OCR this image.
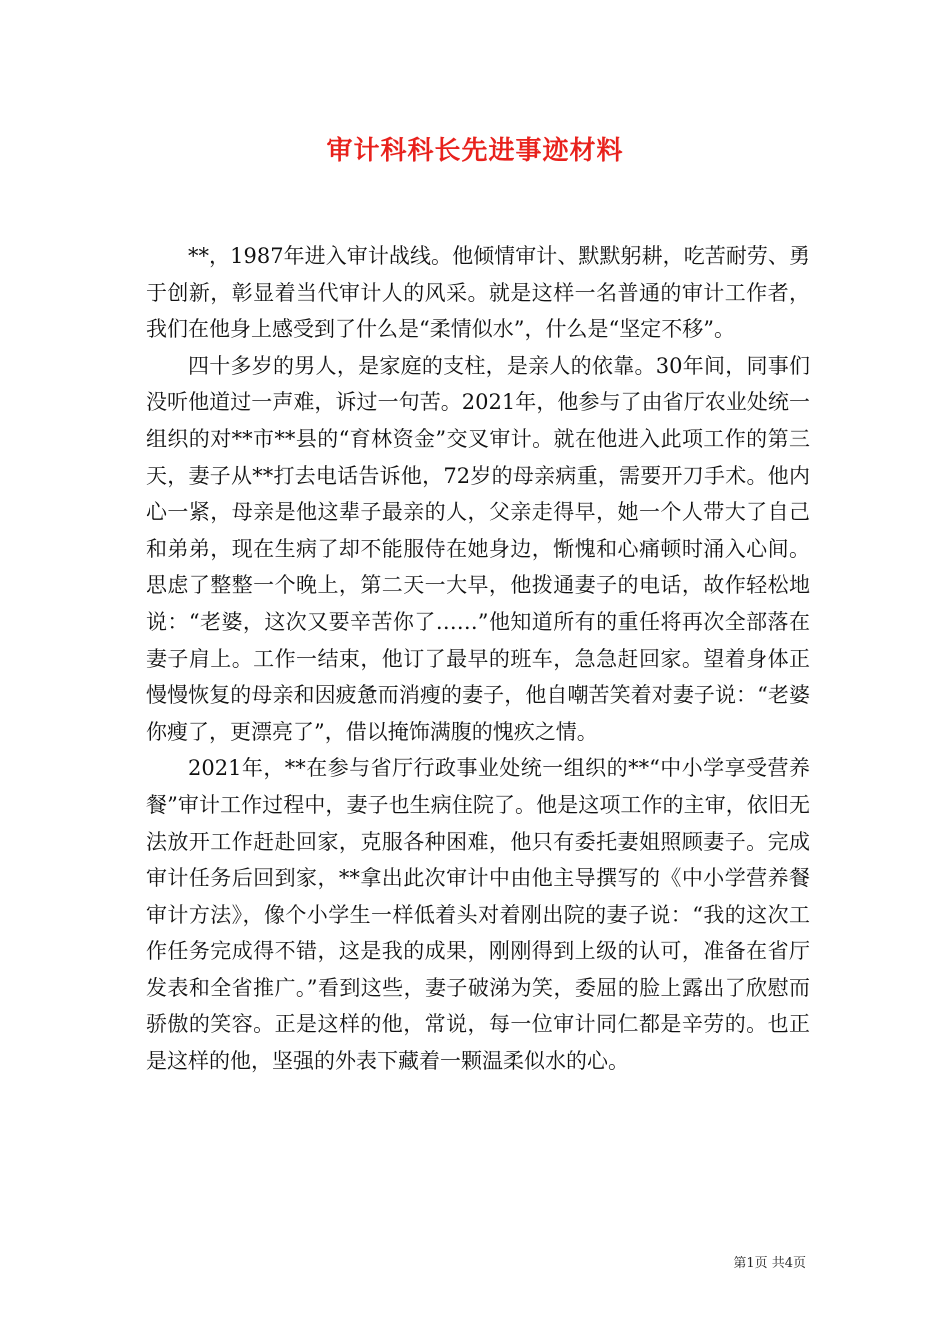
审计科科长先进事迹材料

**，1987年进入审计战线。他倾情审计、默默躬耕，吃苦耐劳、勇于创新，彰显着当代审计人的风采。就是这样一名普通的审计工作者，我们在他身上感受到了什么是“柔情似水”，什么是“坚定不移”。

四十多岁的男人，是家庭的支柱，是亲人的依靠。30年间，同事们没听他道过一声难，诉过一句苦。2021年，他参与了由省厅农业处统一组织的对**市**县的“育林资金”交叉审计。就在他进入此项工作的第三天，妻子从**打去电话告诉他，72岁的母亲病重，需要开刀手术。他内心一紧，母亲是他这辈子最亲的人，父亲走得早，她一个人带大了自己和弟弟，现在生病了却不能服侍在她身边，惭愧和心痛顿时涌入心间。思虑了整整一个晚上，第二天一大早，他拨通妻子的电话，故作轻松地说：“老婆，这次又要辛苦你了……”他知道所有的重任将再次全部落在妻子肩上。工作一结束，他订了最早的班车，急急赶回家。望着身体正慢慢恢复的母亲和因疲惫而消瘦的妻子，他自嘲苦笑着对妻子说：“老婆你瘦了，更漂亮了”，借以掩饰满腹的愧疚之情。

2021年，**在参与省厅行政事业处统一组织的**“中小学享受营养餐”审计工作过程中，妻子也生病住院了。他是这项工作的主审，依旧无法放开工作赶赴回家，克服各种困难，他只有委托妻姐照顾妻子。完成审计任务后回到家，**拿出此次审计中由他主导撰写的《中小学营养餐审计方法》，像个小学生一样低着头对着刚出院的妻子说：“我的这次工作任务完成得不错，这是我的成果，刚刚得到上级的认可，准备在省厅发表和全省推广。”看到这些，妻子破涕为笑，委屈的脸上露出了欣慰而骄傲的笑容。正是这样的他，常说，每一位审计同仁都是辛劳的。也正是这样的他，坚强的外表下藏着一颗温柔似水的心。

第1页 共4页
